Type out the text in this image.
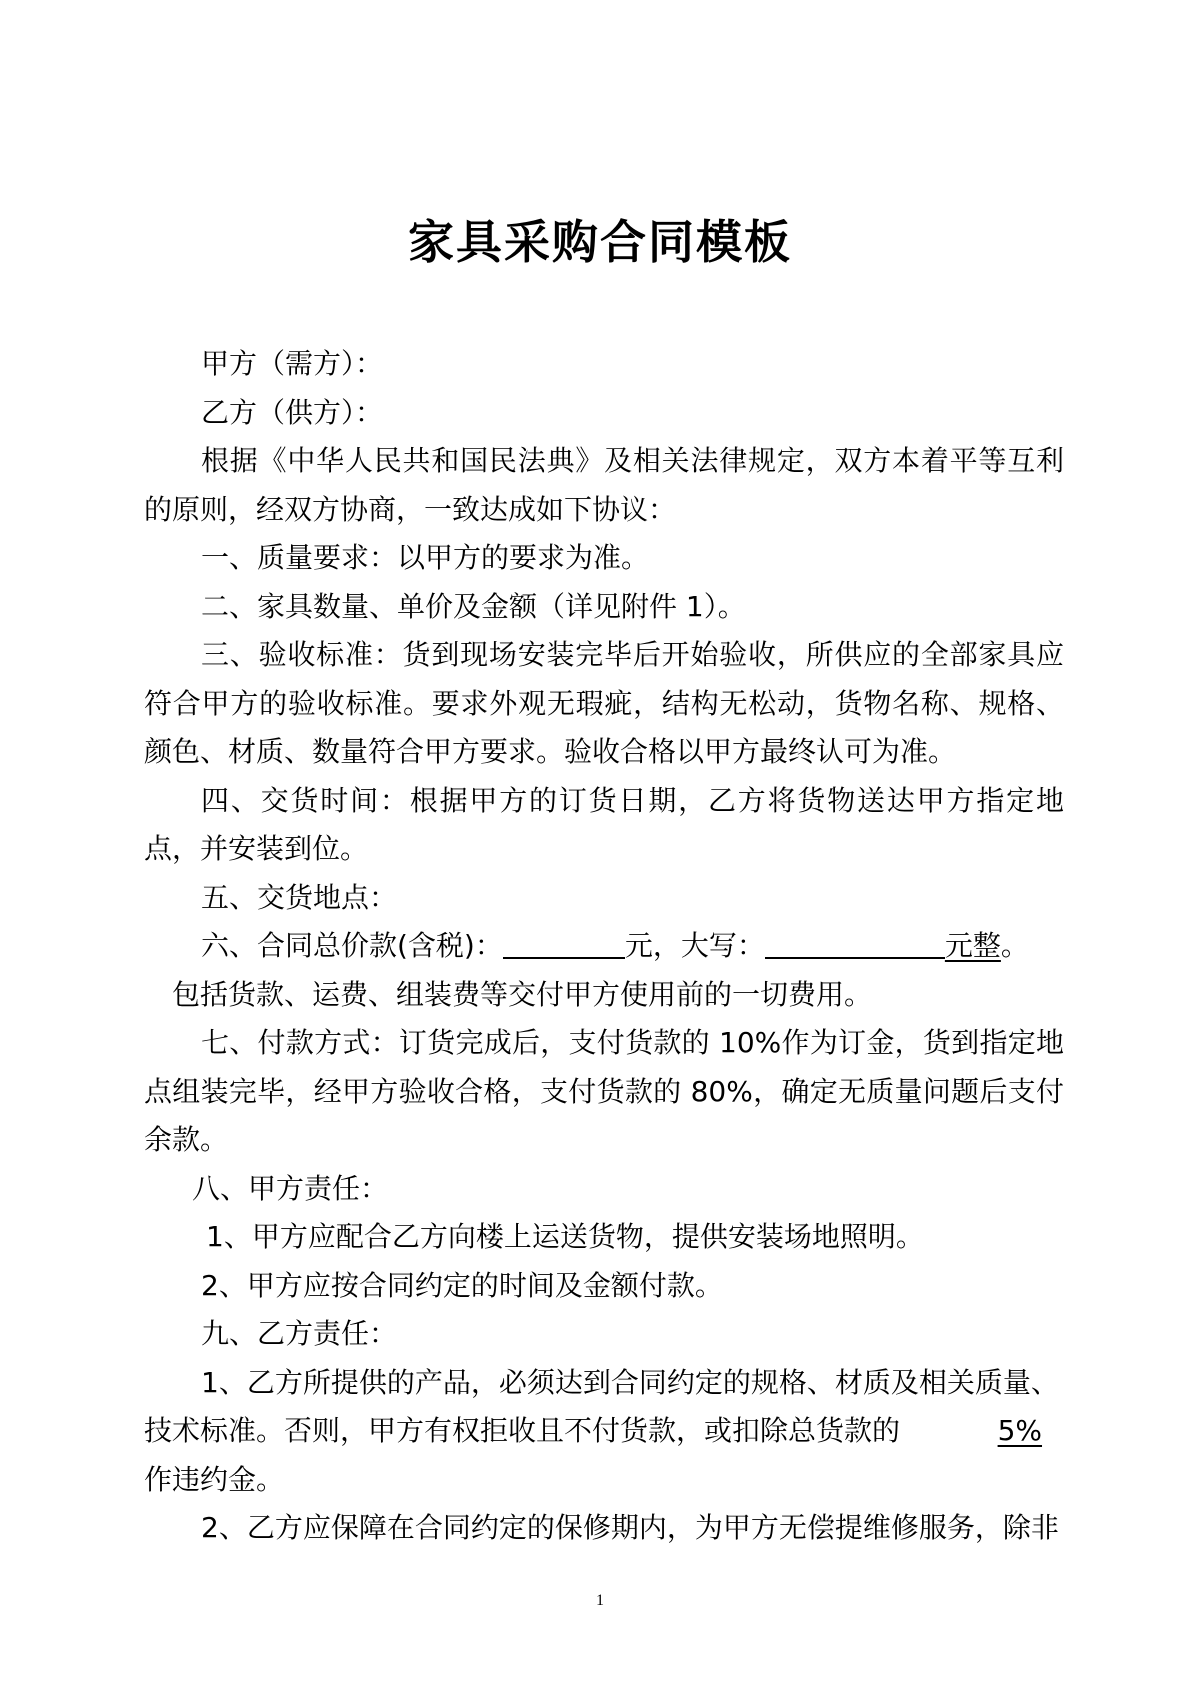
家具采购合同模板

甲方（需方）：

乙方（供方）：

根据《中华人民共和国民法典》及相关法律规定，双方本着平等互利的原则，经双方协商，一致达成如下协议：

一、质量要求：以甲方的要求为准。

二、家具数量、单价及金额（详见附件 1）。

三、验收标准：货到现场安装完毕后开始验收，所供应的全部家具应符合甲方的验收标准。要求外观无瑕疵，结构无松动，货物名称、规格、颜色、材质、数量符合甲方要求。验收合格以甲方最终认可为准。

四、交货时间：根据甲方的订货日期，乙方将货物送达甲方指定地点，并安装到位。

五、交货地点：

六、合同总价款(含税)：	元，大写：	元整。

包括货款、运费、组装费等交付甲方使用前的一切费用。

七、付款方式：订货完成后，支付货款的 10%作为订金，货到指定地点组装完毕，经甲方验收合格，支付货款的 80%，确定无质量问题后支付余款。

八、甲方责任：

1、甲方应配合乙方向楼上运送货物，提供安装场地照明。

2、甲方应按合同约定的时间及金额付款。

九、乙方责任：

1、乙方所提供的产品，必须达到合同约定的规格、材质及相关质量、

技术标准。否则，甲方有权拒收且不付货款，或扣除总货款的	5%

作违约金。

2、乙方应保障在合同约定的保修期内，为甲方无偿提维修服务，除非

1
